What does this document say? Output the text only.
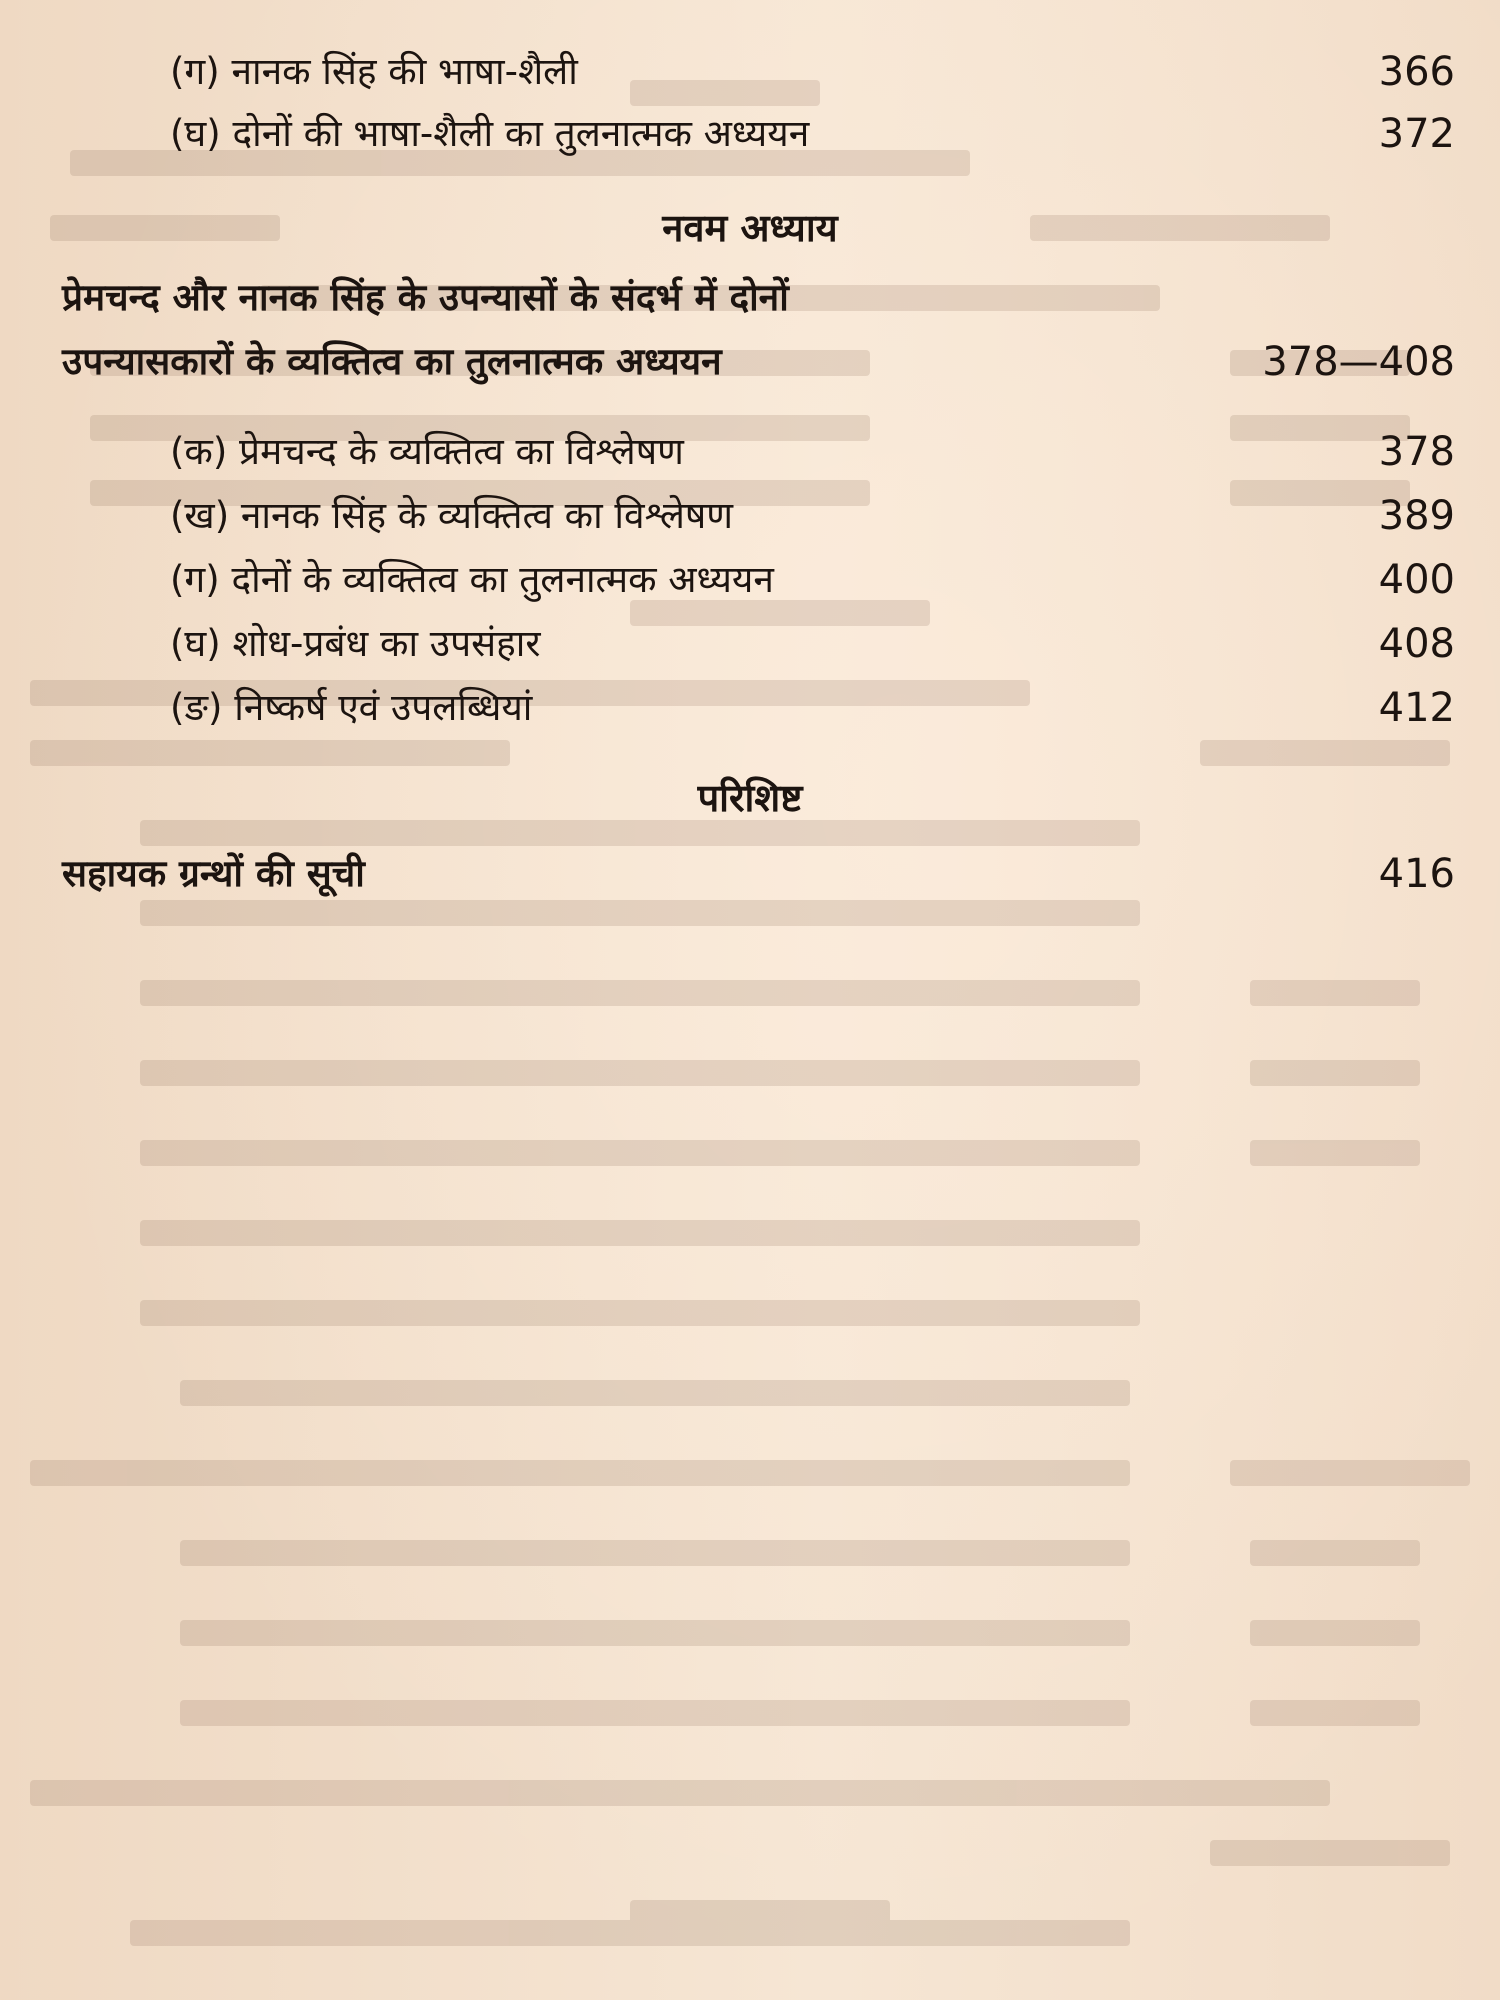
(ग) नानक सिंह की भाषा-शैली	366
(घ) दोनों की भाषा-शैली का तुलनात्मक अध्ययन	372
नवम अध्याय
प्रेमचन्द और नानक सिंह के उपन्यासों के संदर्भ में दोनों
उपन्यासकारों के व्यक्तित्व का तुलनात्मक अध्ययन	378—408
(क) प्रेमचन्द के व्यक्तित्व का विश्लेषण	378
(ख) नानक सिंह के व्यक्तित्व का विश्लेषण	389
(ग) दोनों के व्यक्तित्व का तुलनात्मक अध्ययन	400
(घ) शोध-प्रबंध का उपसंहार	408
(ङ) निष्कर्ष एवं उपलब्धियां	412
परिशिष्ट
सहायक ग्रन्थों की सूची	416
